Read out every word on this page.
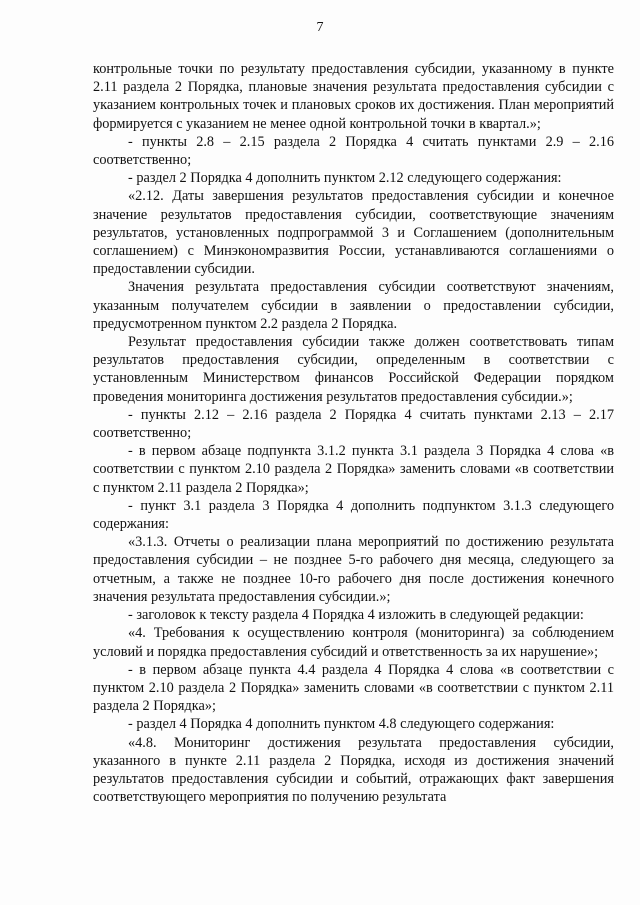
7

контрольные точки по результату предоставления субсидии, указанному в пункте 2.11 раздела 2 Порядка, плановые значения результата предоставления субсидии с указанием контрольных точек и плановых сроков их достижения. План мероприятий формируется с указанием не менее одной контрольной точки в квартал.»;

- пункты 2.8 – 2.15 раздела 2 Порядка 4 считать пунктами 2.9 – 2.16 соответственно;

- раздел 2 Порядка 4 дополнить пунктом 2.12 следующего содержания:

«2.12. Даты завершения результатов предоставления субсидии и конечное значение результатов предоставления субсидии, соответствующие значениям результатов, установленных подпрограммой 3 и Соглашением (дополнительным соглашением) с Минэкономразвития России, устанавливаются соглашениями о предоставлении субсидии.

Значения результата предоставления субсидии соответствуют значениям, указанным получателем субсидии в заявлении о предоставлении субсидии, предусмотренном пунктом 2.2 раздела 2 Порядка.

Результат предоставления субсидии также должен соответствовать типам результатов предоставления субсидии, определенным в соответствии с установленным Министерством финансов Российской Федерации порядком проведения мониторинга достижения результатов предоставления субсидии.»;

- пункты 2.12 – 2.16 раздела 2 Порядка 4 считать пунктами 2.13 – 2.17 соответственно;

- в первом абзаце подпункта 3.1.2 пункта 3.1 раздела 3 Порядка 4 слова «в соответствии с пунктом 2.10 раздела 2 Порядка» заменить словами «в соответствии с пунктом 2.11 раздела 2 Порядка»;

- пункт 3.1 раздела 3 Порядка 4 дополнить подпунктом 3.1.3 следующего содержания:

«3.1.3. Отчеты о реализации плана мероприятий по достижению результата предоставления субсидии – не позднее 5-го рабочего дня месяца, следующего за отчетным, а также не позднее 10-го рабочего дня после достижения конечного значения результата предоставления субсидии.»;

- заголовок к тексту раздела 4 Порядка 4 изложить в следующей редакции:

«4. Требования к осуществлению контроля (мониторинга) за соблюдением условий и порядка предоставления субсидий и ответственность за их нарушение»;

- в первом абзаце пункта 4.4 раздела 4 Порядка 4 слова «в соответствии с пунктом 2.10 раздела 2 Порядка» заменить словами «в соответствии с пунктом 2.11 раздела 2 Порядка»;

- раздел 4 Порядка 4 дополнить пунктом 4.8 следующего содержания:

«4.8. Мониторинг достижения результата предоставления субсидии, указанного в пункте 2.11 раздела 2 Порядка, исходя из достижения значений результатов предоставления субсидии и событий, отражающих факт завершения соответствующего мероприятия по получению результата
